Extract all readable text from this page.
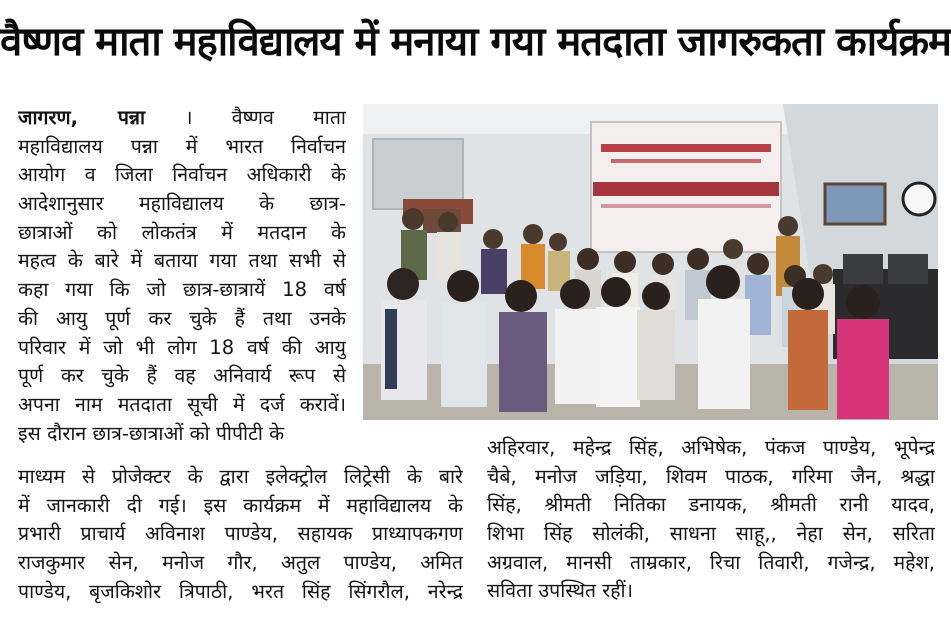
वैष्णव माता महाविद्यालय में मनाया गया मतदाता जागरुकता कार्यक्रम
जागरण, पन्ना । वैष्णव माता
महाविद्यालय पन्ना में भारत निर्वाचन
आयोग व जिला निर्वाचन अधिकारी के
आदेशानुसार महाविद्यालय के छात्र-
छात्राओं को लोकतंत्र में मतदान के
महत्व के बारे में बताया गया तथा सभी से
कहा गया कि जो छात्र-छात्रायें 18 वर्ष
की आयु पूर्ण कर चुके हैं तथा उनके
परिवार में जो भी लोग 18 वर्ष की आयु
पूर्ण कर चुके हैं वह अनिवार्य रूप से
अपना नाम मतदाता सूची में दर्ज करावें।
इस दौरान छात्र-छात्राओं को पीपीटी के
माध्यम से प्रोजेक्टर के द्वारा इलेक्ट्रोल लिट्रेसी के बारे
में जानकारी दी गई। इस कार्यक्रम में महाविद्यालय के
प्रभारी प्राचार्य अविनाश पाण्डेय, सहायक प्राध्यापकगण
राजकुमार सेन, मनोज गौर, अतुल पाण्डेय, अमित
पाण्डेय, बृजकिशोर त्रिपाठी, भरत सिंह सिंगरौल, नरेन्द्र
अहिरवार, महेन्द्र सिंह, अभिषेक, पंकज पाण्डेय, भूपेन्द्र
चैबे, मनोज जड़िया, शिवम पाठक, गरिमा जैन, श्रद्धा
सिंह, श्रीमती नितिका डनायक, श्रीमती रानी यादव,
शिभा सिंह सोलंकी, साधना साहू,, नेहा सेन, सरिता
अग्रवाल, मानसी ताम्रकार, रिचा तिवारी, गजेन्द्र, महेश,
सविता उपस्थित रहीं।
